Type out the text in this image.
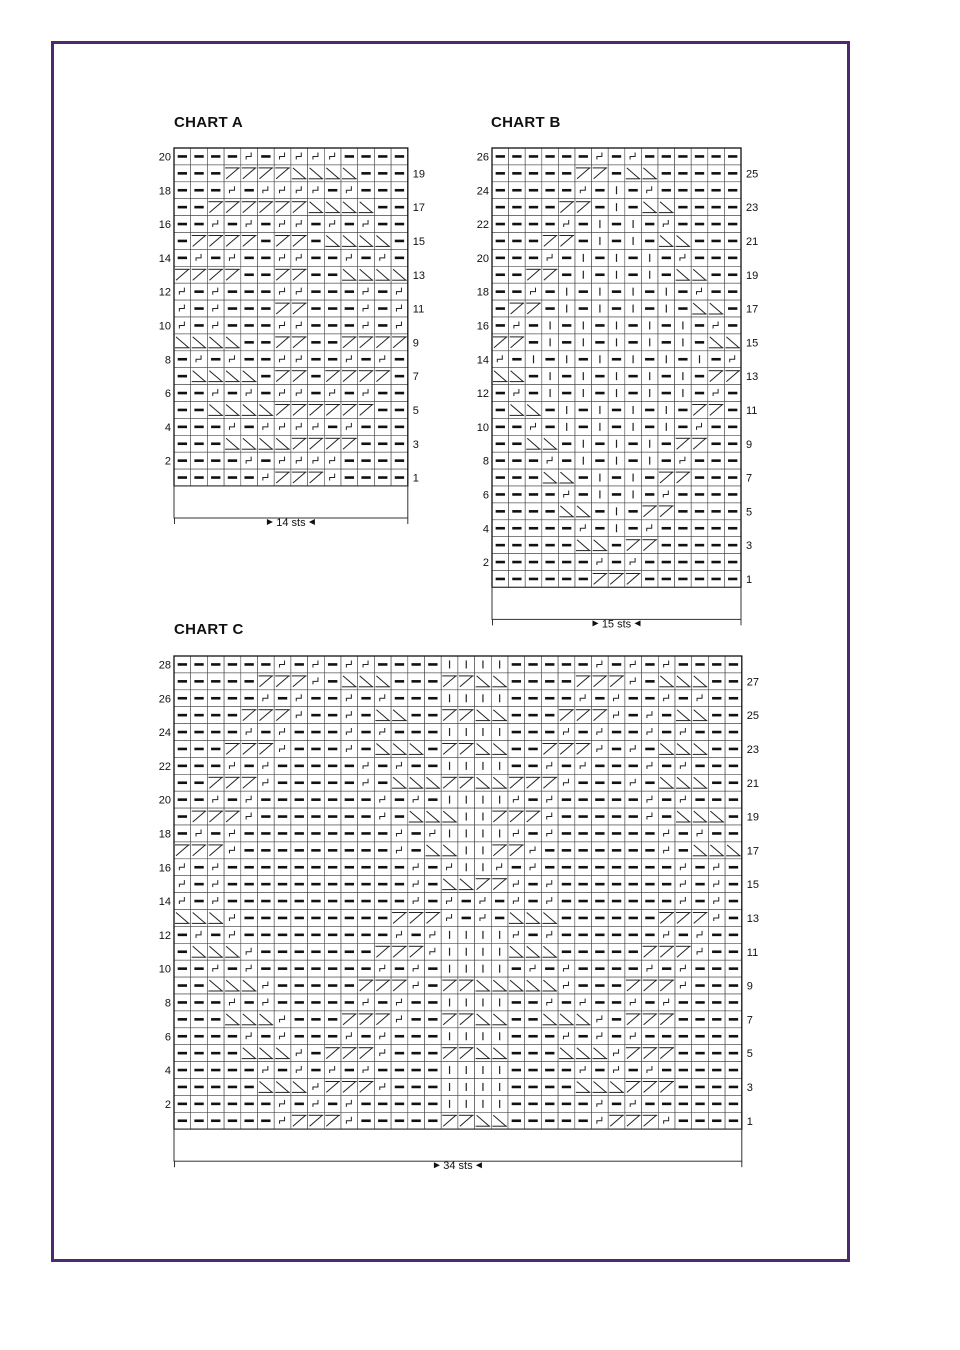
CHART A	CHART B
CHART C
1
2
3
4
5
6
7
8
9
10
11
12
13
14
15
16
17
18
19
20
14 sts
1
2
3
4
5
6
7
8
9
10
11
12
13
14
15
16
17
18
19
20
21
22
23
24
25
26
15 sts
1
2
3
4
5
6
7
8
9
10
11
12
13
14
15
16
17
18
19
20
21
22
23
24
25
26
27
28
34 sts
